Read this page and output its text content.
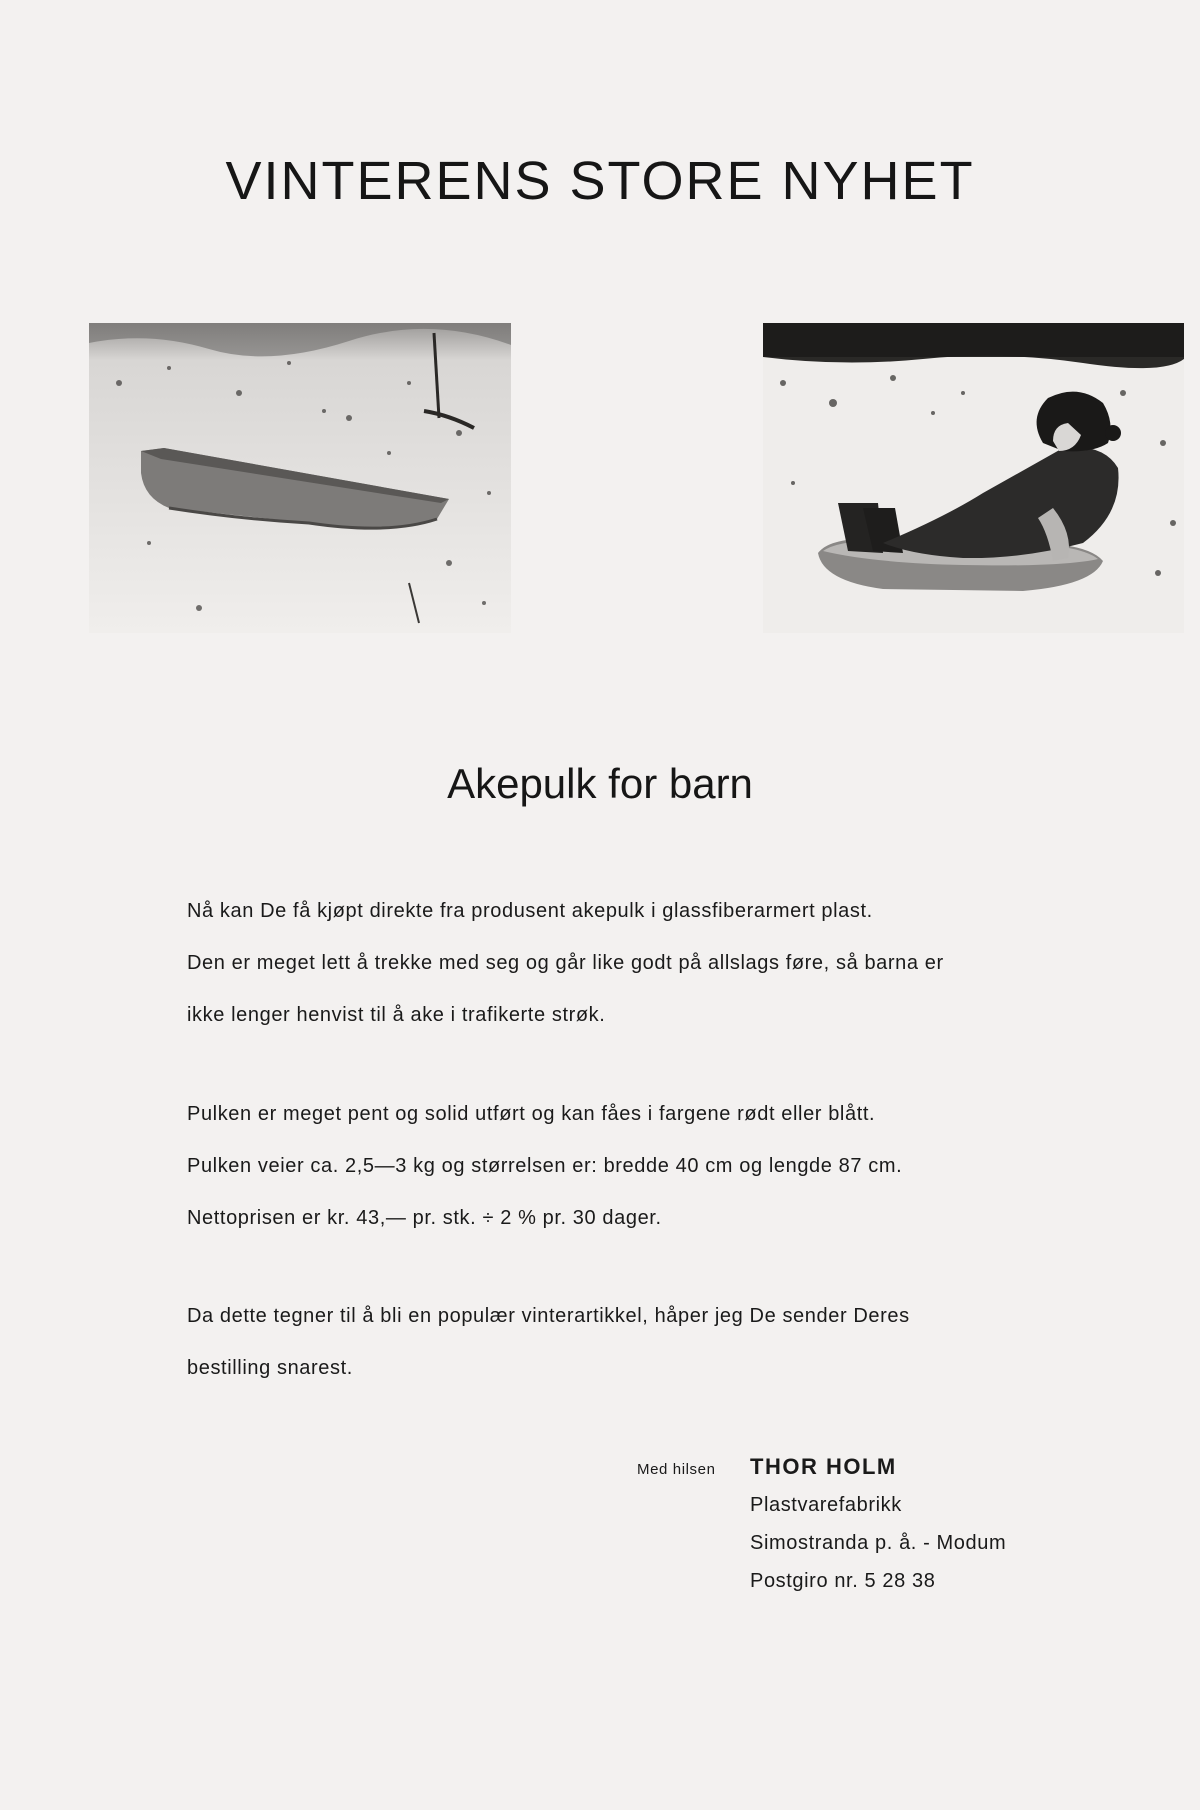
VINTERENS STORE NYHET
Akepulk for barn

Nå kan De få kjøpt direkte fra produsent akepulk i glassfiberarmert plast.

Den er meget lett å trekke med seg og går like godt på allslags føre, så barna er

ikke lenger henvist til å ake i trafikerte strøk.

Pulken er meget pent og solid utført og kan fåes i fargene rødt eller blått.

Pulken veier ca. 2,5—3 kg og størrelsen er: bredde 40 cm og lengde 87 cm.

Nettoprisen er kr. 43,— pr. stk. ÷ 2 % pr. 30 dager.

Da dette tegner til å bli en populær vinterartikkel, håper jeg De sender Deres

bestilling snarest.

Med hilsen THOR HOLM
Plastvarefabrikk
Simostranda p. å. - Modum
Postgiro nr. 5 28 38
